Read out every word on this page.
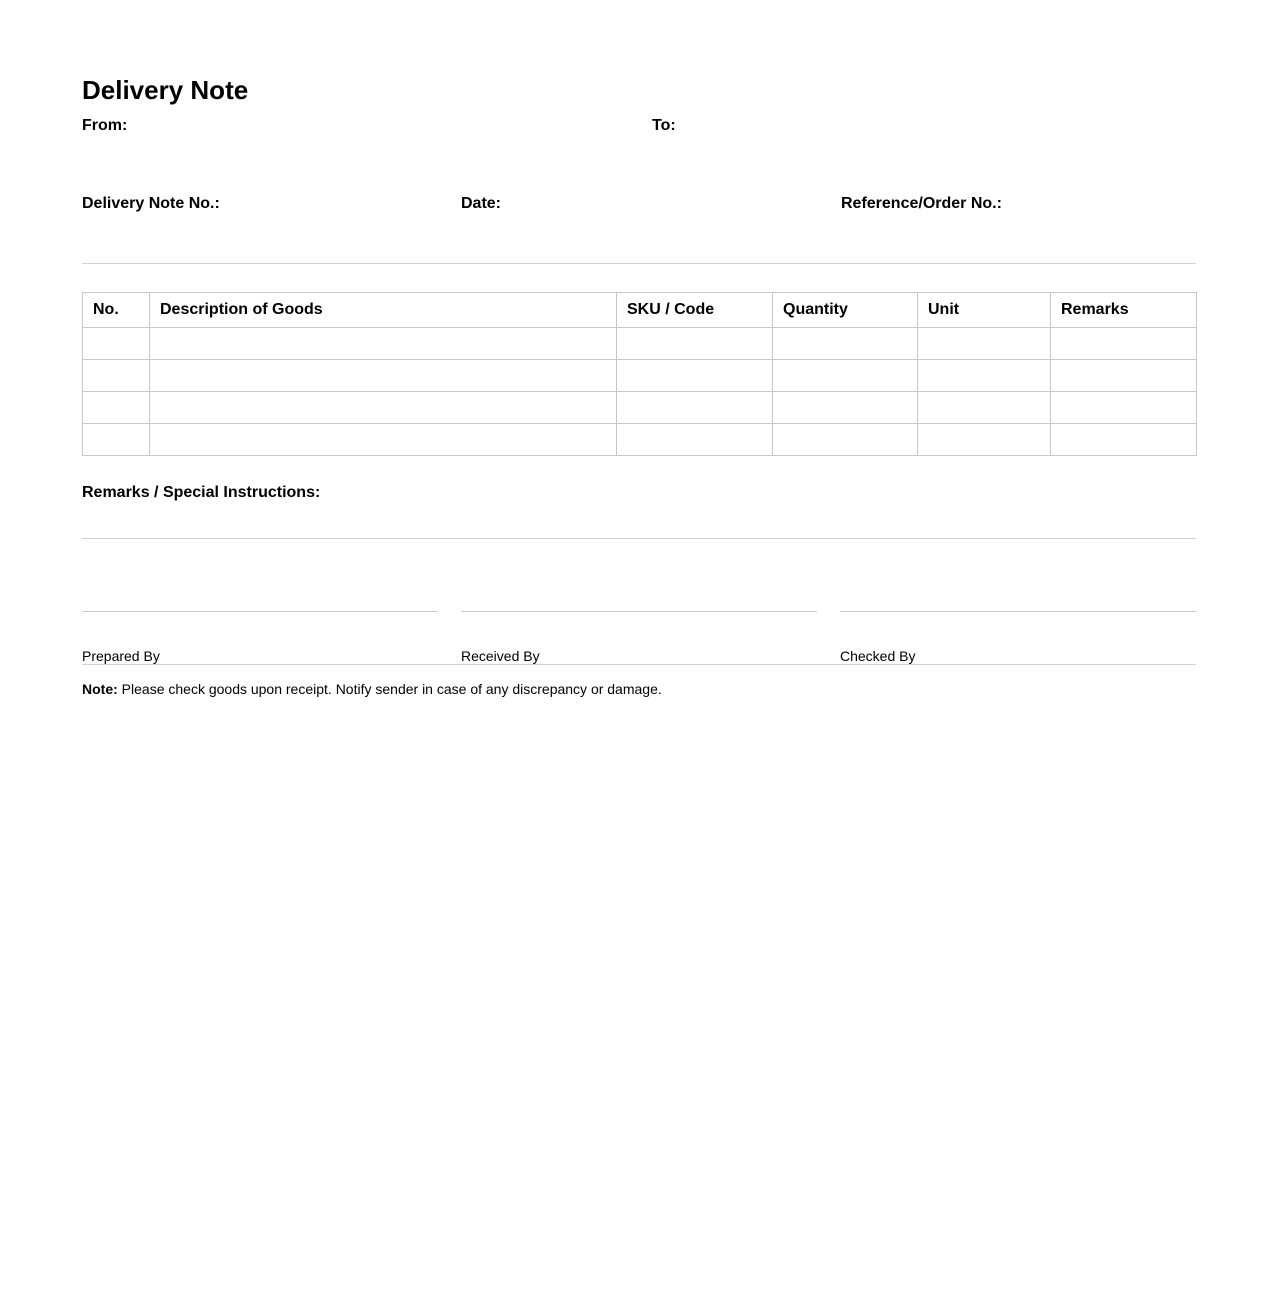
Delivery Note
From:	To:
Delivery Note No.:	Date:	Reference/Order No.:
No.	Description of Goods	SKU / Code	Quantity	Unit	Remarks

Remarks / Special Instructions:
Prepared By	Received By	Checked By
Note: Please check goods upon receipt. Notify sender in case of any discrepancy or damage.
